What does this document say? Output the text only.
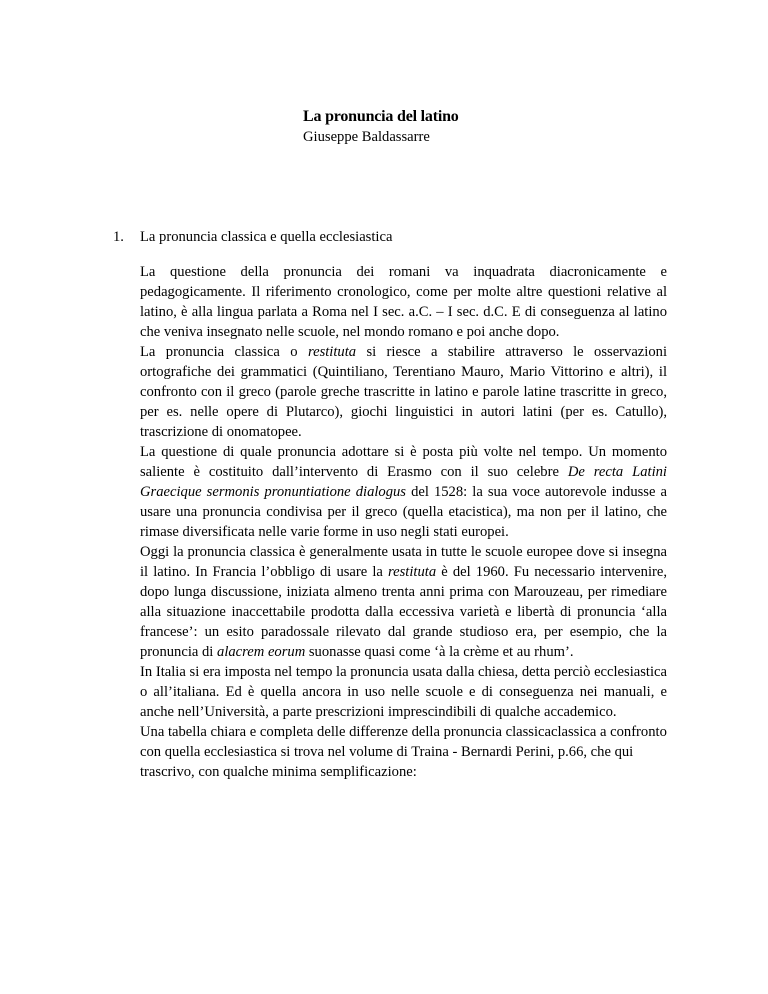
La pronuncia del latino

Giuseppe Baldassarre

1. La pronuncia classica e quella ecclesiastica

La questione della pronuncia dei romani va inquadrata diacronicamente e pedagogicamente. Il riferimento cronologico, come per molte altre questioni relative al latino, è alla lingua parlata a Roma nel I sec. a.C. – I sec. d.C. E di conseguenza al latino che veniva insegnato nelle scuole, nel mondo romano e poi anche dopo.

La pronuncia classica o restituta si riesce a stabilire attraverso le osservazioni ortografiche dei grammatici (Quintiliano, Terentiano Mauro, Mario Vittorino e altri), il confronto con il greco (parole greche trascritte in latino e parole latine trascritte in greco, per es. nelle opere di Plutarco), giochi linguistici in autori latini (per es. Catullo), trascrizione di onomatopee.

La questione di quale pronuncia adottare si è posta più volte nel tempo. Un momento saliente è costituito dall’intervento di Erasmo con il suo celebre De recta Latini Graecique sermonis pronuntiatione dialogus del 1528: la sua voce autorevole indusse a usare una pronuncia condivisa per il greco (quella etacistica), ma non per il latino, che rimase diversificata nelle varie forme in uso negli stati europei.

Oggi la pronuncia classica è generalmente usata in tutte le scuole europee dove si insegna il latino. In Francia l’obbligo di usare la restituta è del 1960. Fu necessario intervenire, dopo lunga discussione, iniziata almeno trenta anni prima con Marouzeau, per rimediare alla situazione inaccettabile prodotta dalla eccessiva varietà e libertà di pronuncia ‘alla francese’: un esito paradossale rilevato dal grande studioso era, per esempio, che la pronuncia di alacrem eorum suonasse quasi come ‘à la crème et au rhum’.

In Italia si era imposta nel tempo la pronuncia usata dalla chiesa, detta perciò ecclesiastica o all’italiana. Ed è quella ancora in uso nelle scuole e di conseguenza nei manuali, e anche nell’Università, a parte prescrizioni imprescindibili di qualche accademico.

Una tabella chiara e completa delle differenze della pronuncia classicaclassica a confronto con quella ecclesiastica si trova nel volume di Traina - Bernardi Perini, p.66, che qui trascrivo, con qualche minima semplificazione:
